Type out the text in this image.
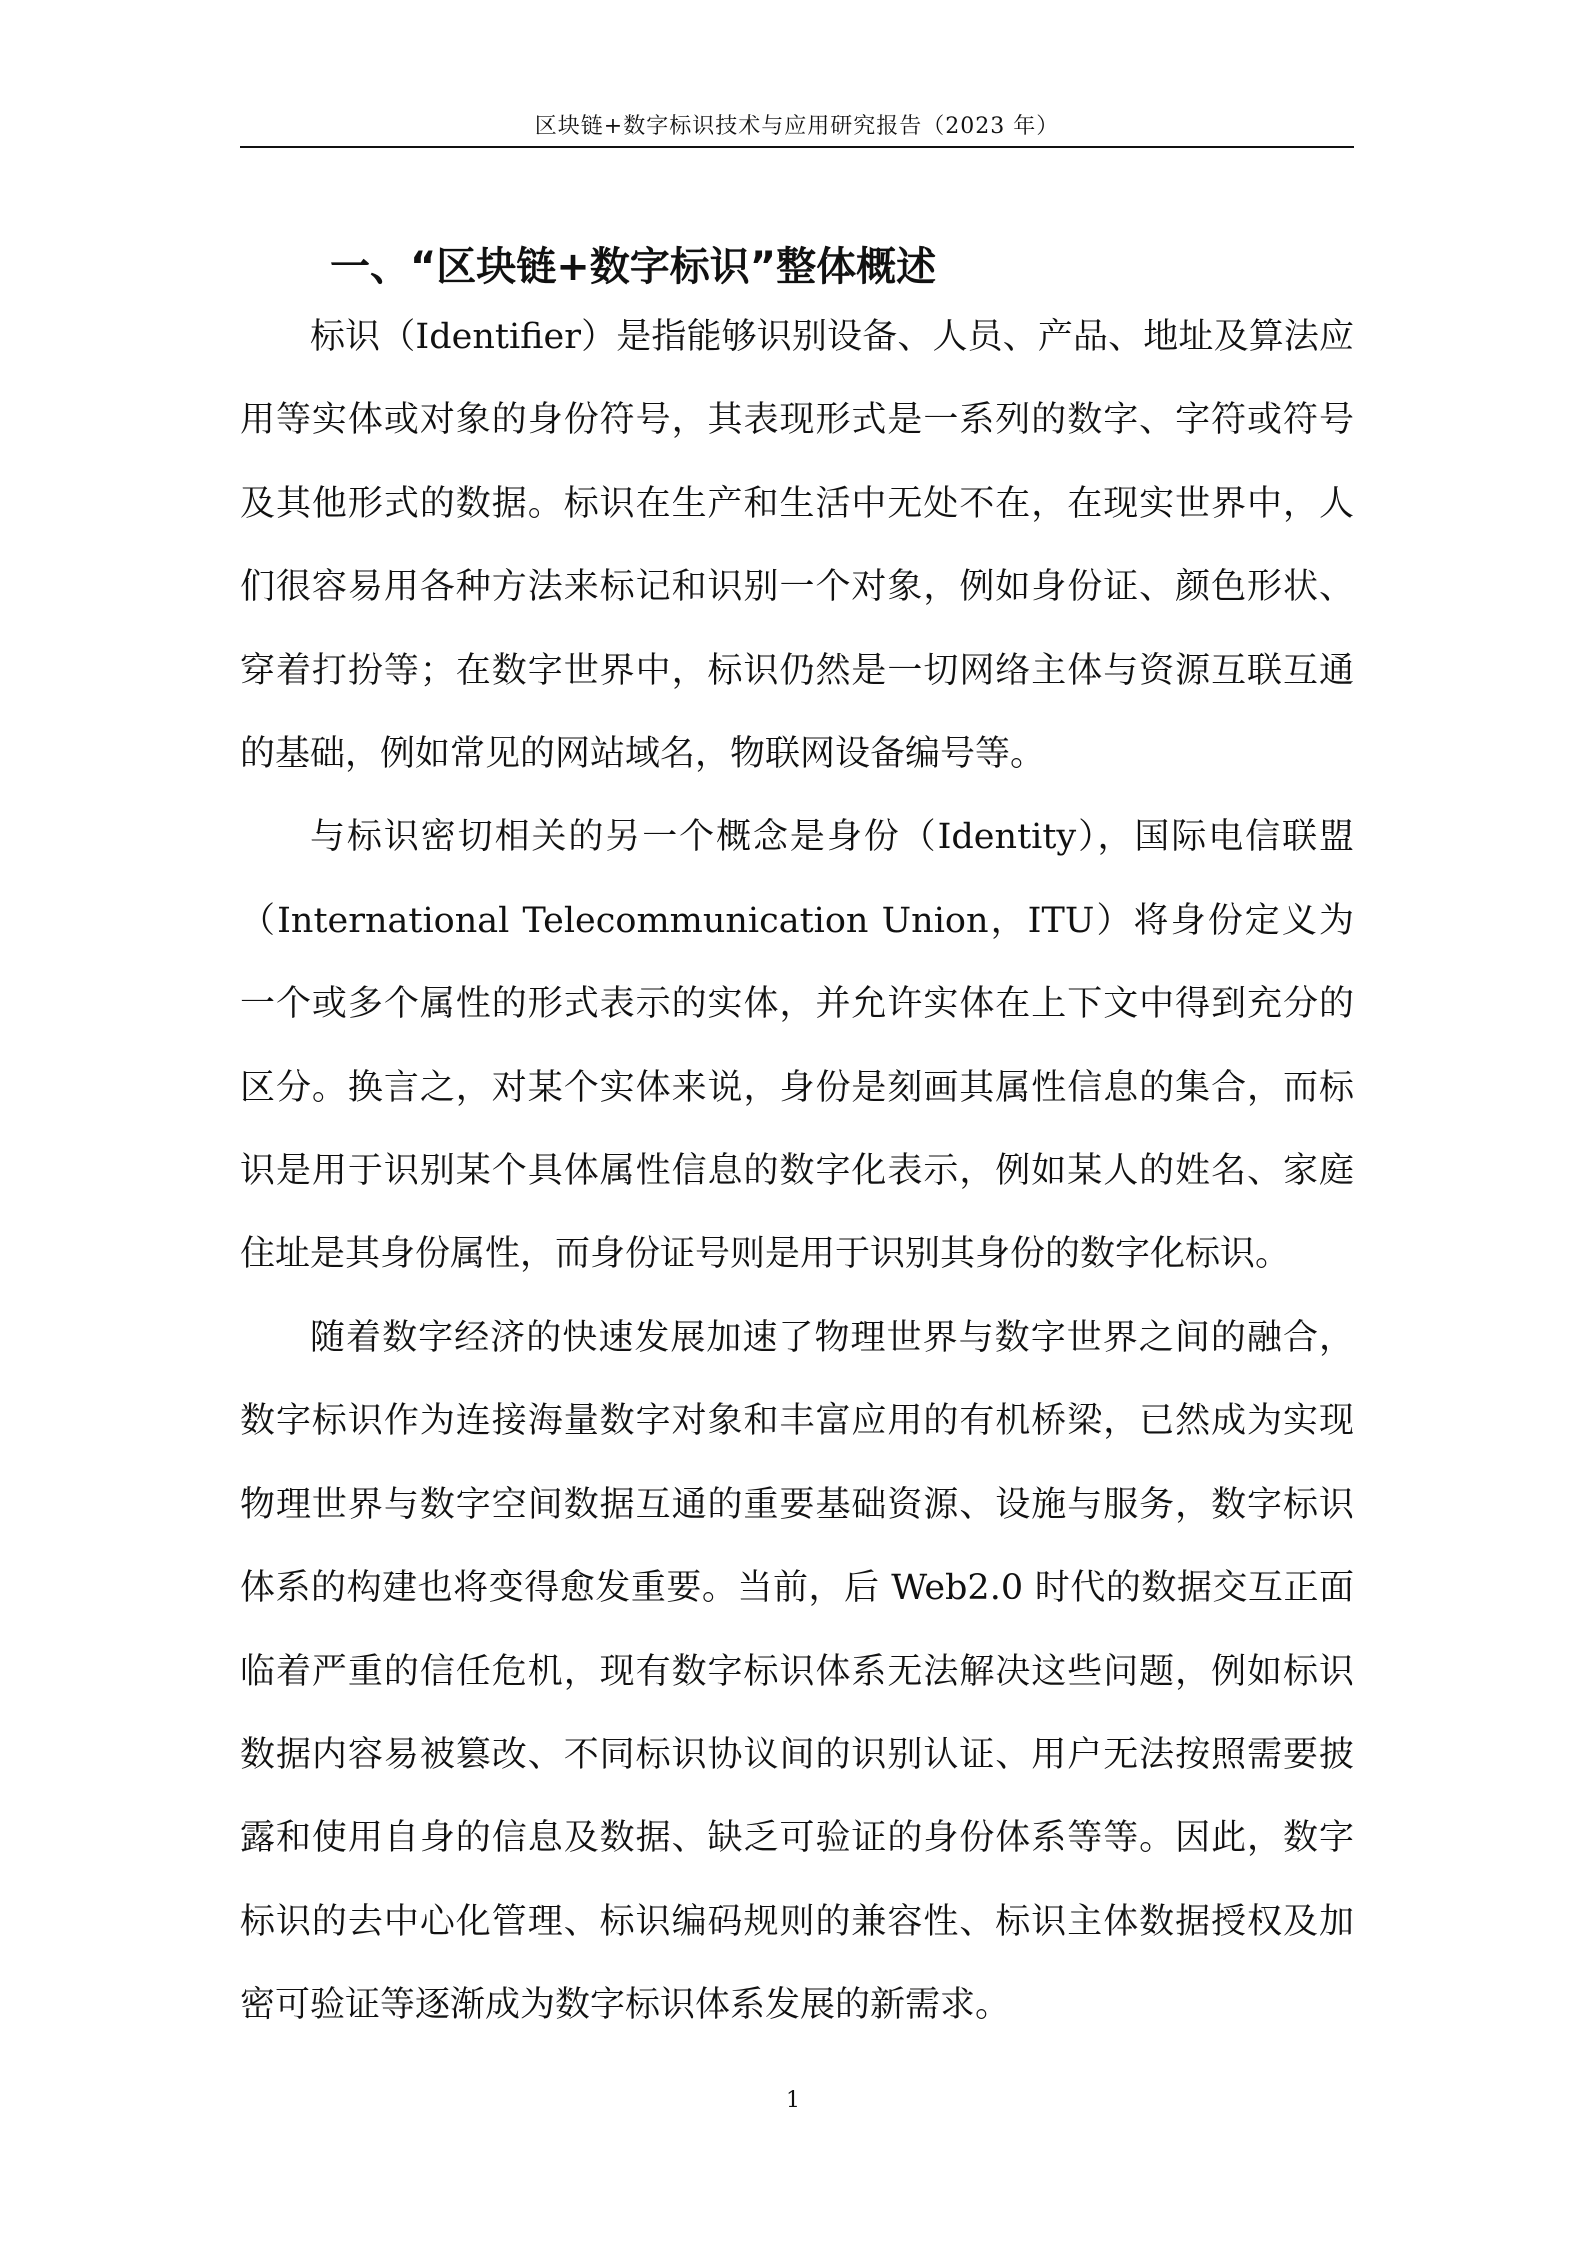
区块链+数字标识技术与应用研究报告（2023 年）
一、“区块链+数字标识”整体概述

标识（Identifier）是指能够识别设备、人员、产品、地址及算法应用等实体或对象的身份符号，其表现形式是一系列的数字、字符或符号及其他形式的数据。标识在生产和生活中无处不在，在现实世界中，人们很容易用各种方法来标记和识别一个对象，例如身份证、颜色形状、穿着打扮等；在数字世界中，标识仍然是一切网络主体与资源互联互通的基础，例如常见的网站域名，物联网设备编号等。

与标识密切相关的另一个概念是身份（Identity），国际电信联盟（International Telecommunication Union，ITU）将身份定义为一个或多个属性的形式表示的实体，并允许实体在上下文中得到充分的区分。换言之，对某个实体来说，身份是刻画其属性信息的集合，而标识是用于识别某个具体属性信息的数字化表示，例如某人的姓名、家庭住址是其身份属性，而身份证号则是用于识别其身份的数字化标识。

随着数字经济的快速发展加速了物理世界与数字世界之间的融合，数字标识作为连接海量数字对象和丰富应用的有机桥梁，已然成为实现物理世界与数字空间数据互通的重要基础资源、设施与服务，数字标识体系的构建也将变得愈发重要。当前，后 Web2.0 时代的数据交互正面临着严重的信任危机，现有数字标识体系无法解决这些问题，例如标识数据内容易被篡改、不同标识协议间的识别认证、用户无法按照需要披露和使用自身的信息及数据、缺乏可验证的身份体系等等。因此，数字标识的去中心化管理、标识编码规则的兼容性、标识主体数据授权及加密可验证等逐渐成为数字标识体系发展的新需求。

1
